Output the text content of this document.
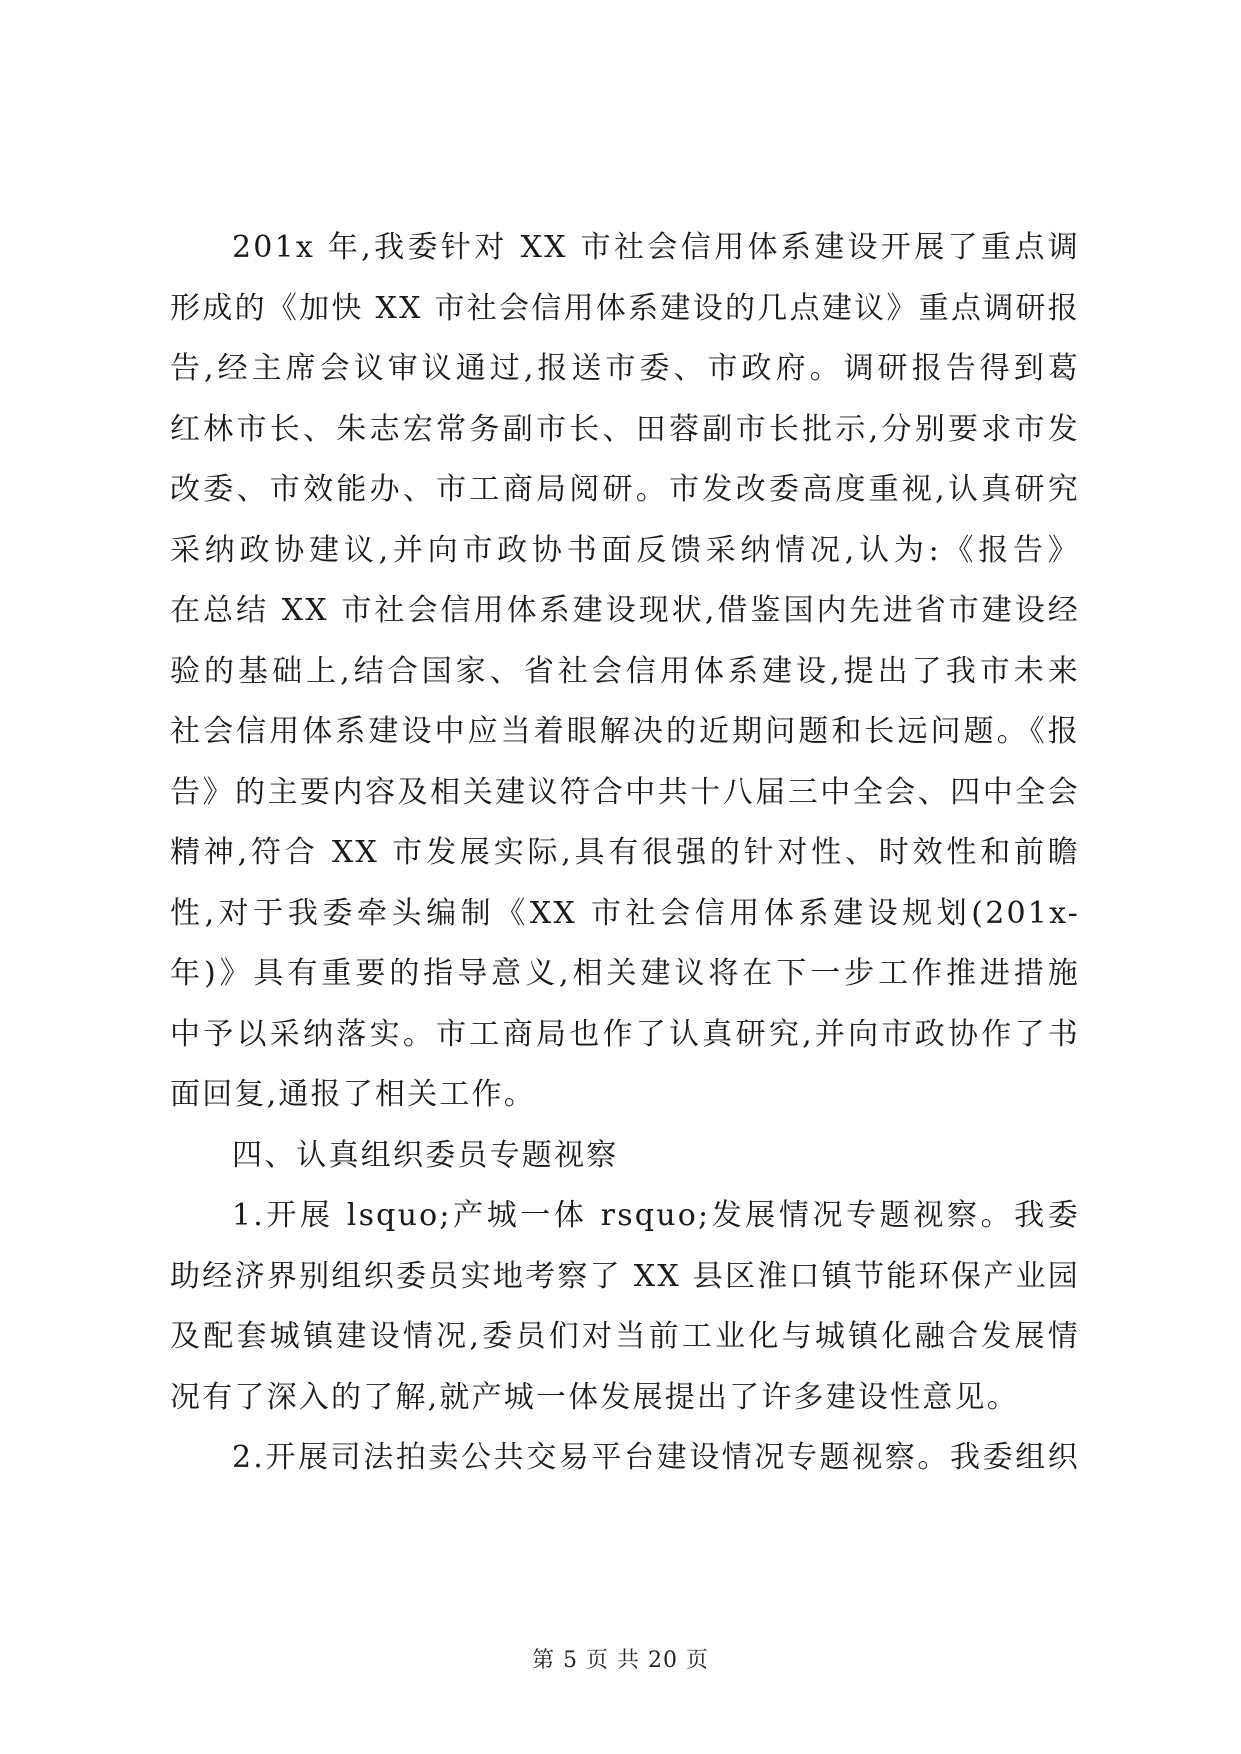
201x 年,我委针对 XX 市社会信用体系建设开展了重点调
形成的《加快 XX 市社会信用体系建设的几点建议》重点调研报
告,经主席会议审议通过,报送市委、市政府。调研报告得到葛
红林市长、朱志宏常务副市长、田蓉副市长批示,分别要求市发
改委、市效能办、市工商局阅研。市发改委高度重视,认真研究
采纳政协建议,并向市政协书面反馈采纳情况,认为:《报告》
在总结 XX 市社会信用体系建设现状,借鉴国内先进省市建设经
验的基础上,结合国家、省社会信用体系建设,提出了我市未来
社会信用体系建设中应当着眼解决的近期问题和长远问题。《报
告》的主要内容及相关建议符合中共十八届三中全会、四中全会
精神,符合 XX 市发展实际,具有很强的针对性、时效性和前瞻
性,对于我委牵头编制《XX 市社会信用体系建设规划(201x-
年)》具有重要的指导意义,相关建议将在下一步工作推进措施
中予以采纳落实。市工商局也作了认真研究,并向市政协作了书
面回复,通报了相关工作。
四、认真组织委员专题视察
1.开展 lsquo;产城一体 rsquo;发展情况专题视察。我委
助经济界别组织委员实地考察了 XX 县区淮口镇节能环保产业园
及配套城镇建设情况,委员们对当前工业化与城镇化融合发展情
况有了深入的了解,就产城一体发展提出了许多建设性意见。
2.开展司法拍卖公共交易平台建设情况专题视察。我委组织
第 5 页 共 20 页
